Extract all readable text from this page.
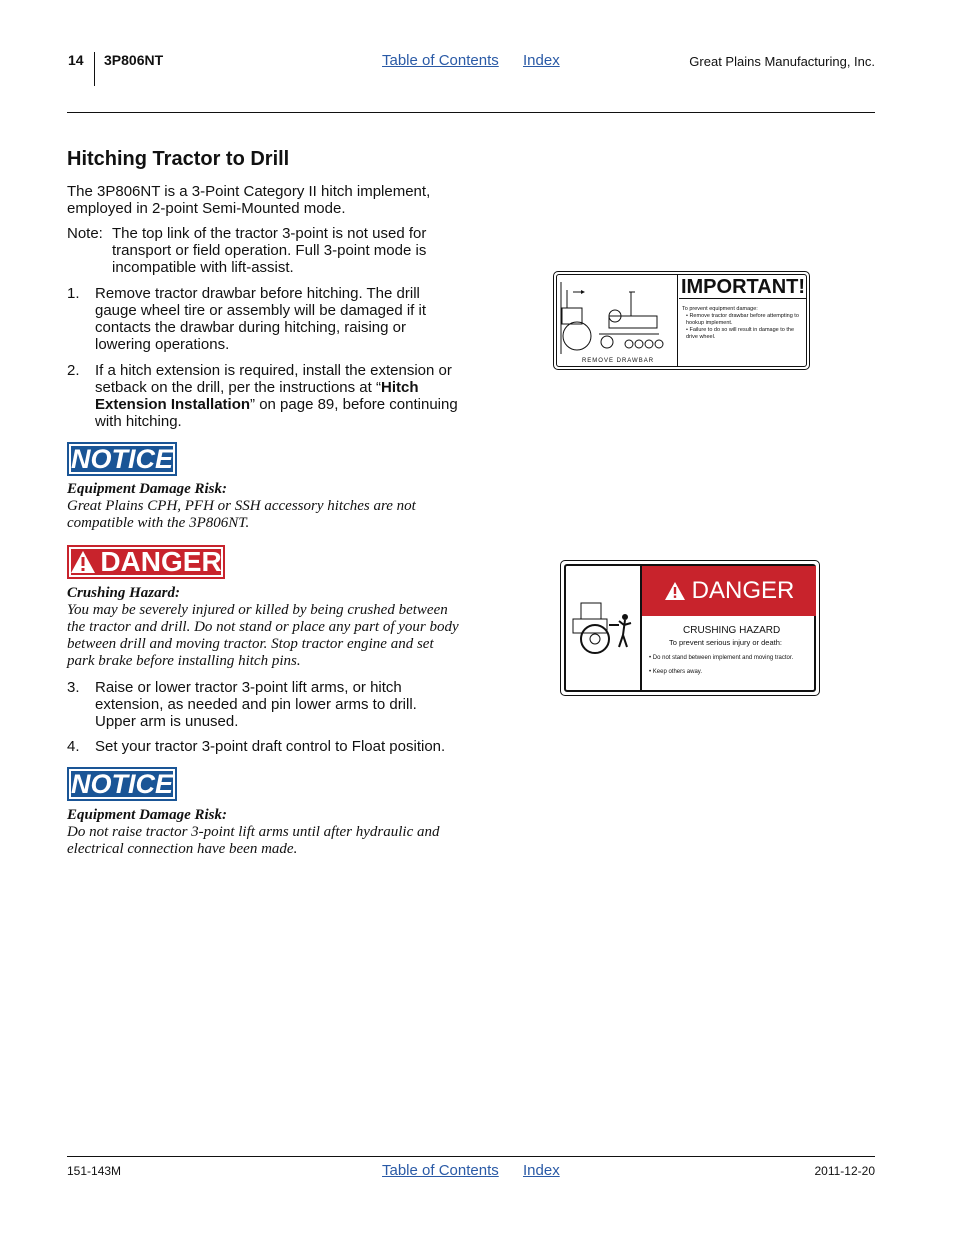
14 3P806NT	Table of Contents Index	Great Plains Manufacturing, Inc.
Hitching Tractor to Drill
The 3P806NT is a 3-Point Category II hitch implement, employed in 2-point Semi-Mounted mode.
Note: The top link of the tractor 3-point is not used for transport or field operation. Full 3-point mode is incompatible with lift-assist.
1. Remove tractor drawbar before hitching. The drill gauge wheel tire or assembly will be damaged if it contacts the drawbar during hitching, raising or lowering operations.
2. If a hitch extension is required, install the extension or setback on the drill, per the instructions at “Hitch Extension Installation” on page 89, before continuing with hitching.
NOTICE
Equipment Damage Risk:
Great Plains CPH, PFH or SSH accessory hitches are not compatible with the 3P806NT.
DANGER
Crushing Hazard:
You may be severely injured or killed by being crushed between the tractor and drill. Do not stand or place any part of your body between drill and moving tractor. Stop tractor engine and set park brake before installing hitch pins.
3. Raise or lower tractor 3-point lift arms, or hitch extension, as needed and pin lower arms to drill. Upper arm is unused.
4. Set your tractor 3-point draft control to Float position.
NOTICE
Equipment Damage Risk:
Do not raise tractor 3-point lift arms until after hydraulic and electrical connection have been made.
REMOVE DRAWBAR
IMPORTANT!
To prevent equipment damage:
• Remove tractor drawbar before attempting to hookup implement.
• Failure to do so will result in damage to the drive wheel.
DANGER
CRUSHING HAZARD
To prevent serious injury or death:
• Do not stand between implement and moving tractor.
• Keep others away.
151-143M	Table of Contents Index	2011-12-20
